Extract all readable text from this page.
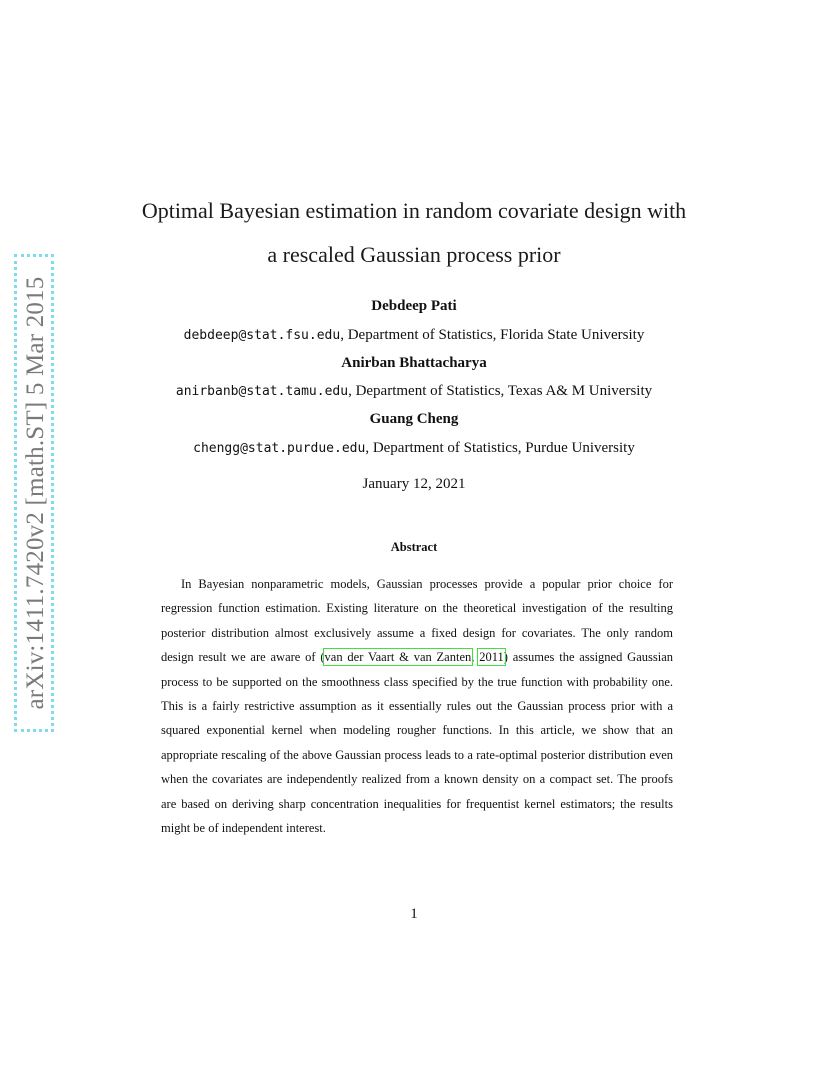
arXiv:1411.7420v2 [math.ST] 5 Mar 2015
Optimal Bayesian estimation in random covariate design with
a rescaled Gaussian process prior
Debdeep Pati
debdeep@stat.fsu.edu, Department of Statistics, Florida State University
Anirban Bhattacharya
anirbanb@stat.tamu.edu, Department of Statistics, Texas A& M University
Guang Cheng
chengg@stat.purdue.edu, Department of Statistics, Purdue University
January 12, 2021
Abstract
In Bayesian nonparametric models, Gaussian processes provide a popular prior choice for regression function estimation. Existing literature on the theoretical investigation of the resulting posterior distribution almost exclusively assume a fixed design for covariates. The only random design result we are aware of (van der Vaart & van Zanten, 2011) assumes the assigned Gaussian process to be supported on the smoothness class specified by the true function with probability one. This is a fairly restrictive assumption as it essentially rules out the Gaussian process prior with a squared exponential kernel when modeling rougher functions. In this article, we show that an appropriate rescaling of the above Gaussian process leads to a rate-optimal posterior distribution even when the covariates are independently realized from a known density on a compact set. The proofs are based on deriving sharp concentration inequalities for frequentist kernel estimators; the results might be of independent interest.
1
